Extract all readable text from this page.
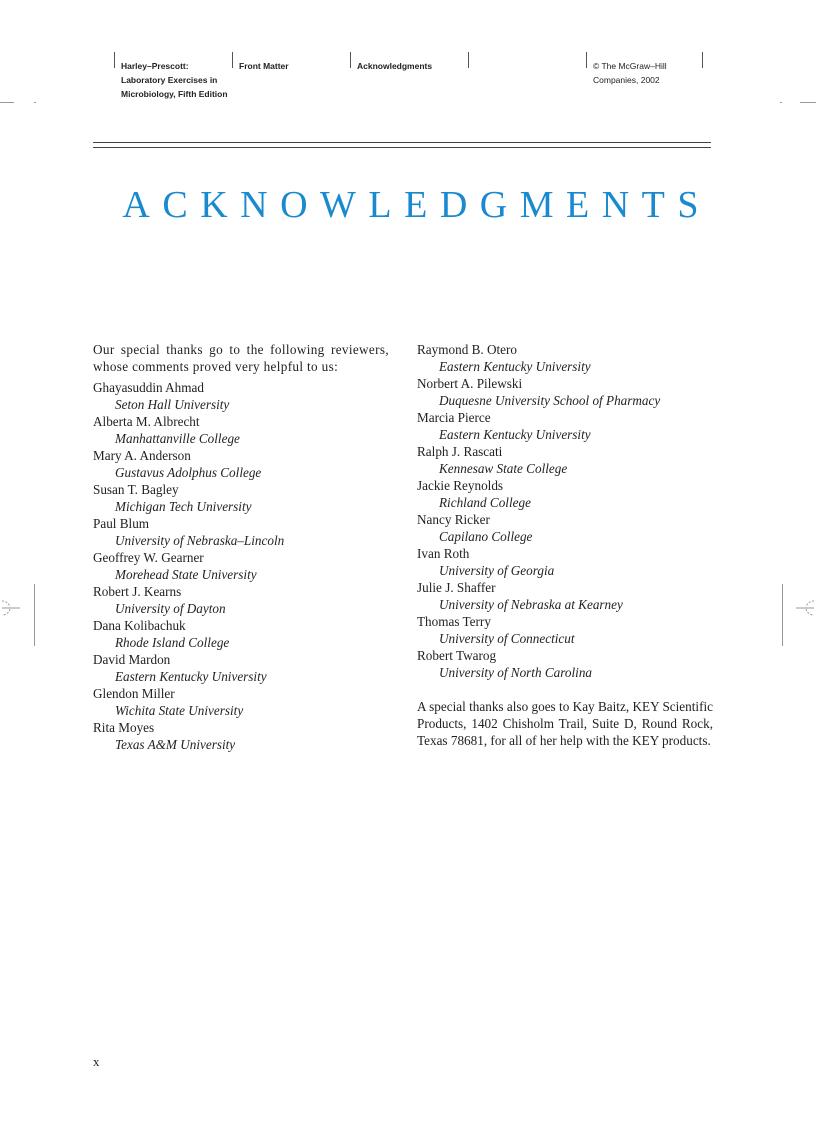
Harley–Prescott:
Laboratory Exercises in
Microbiology, Fifth Edition
Front Matter	Acknowledgments	© The McGraw–Hill
Companies, 2002
ACKNOWLEDGMENTS

Our special thanks go to the following reviewers, whose comments proved very helpful to us:

Ghayasuddin Ahmad
Seton Hall University
Alberta M. Albrecht
Manhattanville College
Mary A. Anderson
Gustavus Adolphus College
Susan T. Bagley
Michigan Tech University
Paul Blum
University of Nebraska–Lincoln
Geoffrey W. Gearner
Morehead State University
Robert J. Kearns
University of Dayton
Dana Kolibachuk
Rhode Island College
David Mardon
Eastern Kentucky University
Glendon Miller
Wichita State University
Rita Moyes
Texas A&M University
Raymond B. Otero
Eastern Kentucky University
Norbert A. Pilewski
Duquesne University School of Pharmacy
Marcia Pierce
Eastern Kentucky University
Ralph J. Rascati
Kennesaw State College
Jackie Reynolds
Richland College
Nancy Ricker
Capilano College
Ivan Roth
University of Georgia
Julie J. Shaffer
University of Nebraska at Kearney
Thomas Terry
University of Connecticut
Robert Twarog
University of North Carolina

A special thanks also goes to Kay Baitz, KEY Scientific Products, 1402 Chisholm Trail, Suite D, Round Rock, Texas 78681, for all of her help with the KEY products.

x
